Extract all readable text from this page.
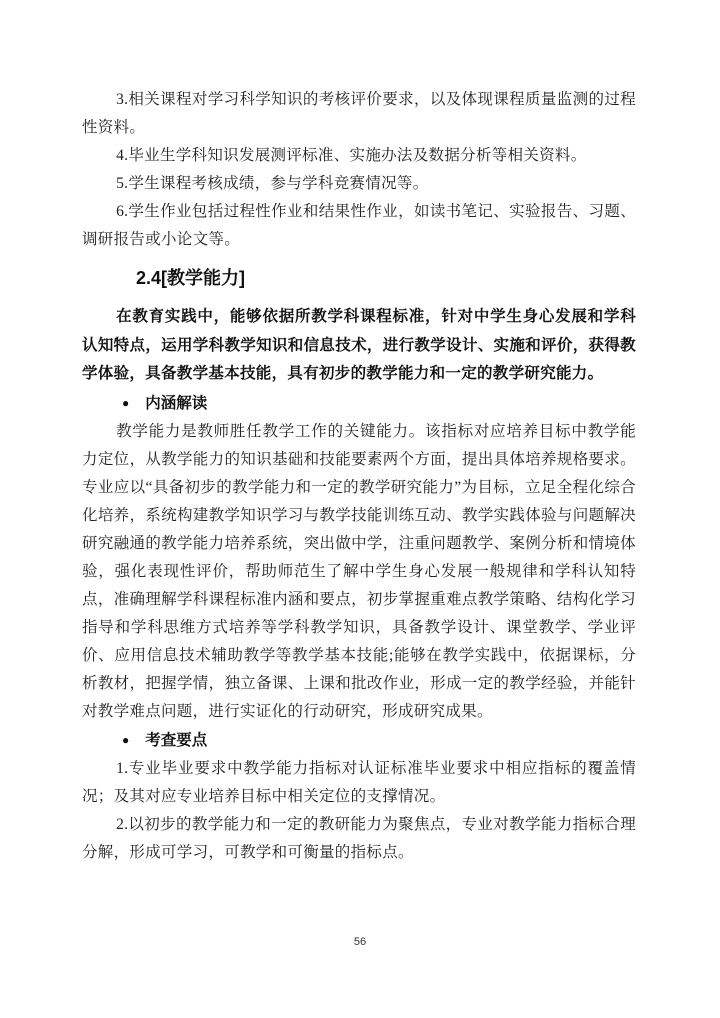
3.相关课程对学习科学知识的考核评价要求，以及体现课程质量监测的过程性资料。

4.毕业生学科知识发展测评标准、实施办法及数据分析等相关资料。

5.学生课程考核成绩，参与学科竞赛情况等。

6.学生作业包括过程性作业和结果性作业，如读书笔记、实验报告、习题、调研报告或小论文等。

2.4[教学能力]

在教育实践中，能够依据所教学科课程标准，针对中学生身心发展和学科认知特点，运用学科教学知识和信息技术，进行教学设计、实施和评价，获得教学体验，具备教学基本技能，具有初步的教学能力和一定的教学研究能力。

● 内涵解读

教学能力是教师胜任教学工作的关键能力。该指标对应培养目标中教学能力定位，从教学能力的知识基础和技能要素两个方面，提出具体培养规格要求。专业应以“具备初步的教学能力和一定的教学研究能力”为目标，立足全程化综合化培养，系统构建教学知识学习与教学技能训练互动、教学实践体验与问题解决研究融通的教学能力培养系统，突出做中学，注重问题教学、案例分析和情境体验，强化表现性评价，帮助师范生了解中学生身心发展一般规律和学科认知特点，准确理解学科课程标准内涵和要点，初步掌握重难点教学策略、结构化学习指导和学科思维方式培养等学科教学知识，具备教学设计、课堂教学、学业评价、应用信息技术辅助教学等教学基本技能;能够在教学实践中，依据课标，分析教材，把握学情，独立备课、上课和批改作业，形成一定的教学经验，并能针对教学难点问题，进行实证化的行动研究，形成研究成果。

● 考查要点

1.专业毕业要求中教学能力指标对认证标准毕业要求中相应指标的覆盖情况；及其对应专业培养目标中相关定位的支撑情况。

2.以初步的教学能力和一定的教研能力为聚焦点，专业对教学能力指标合理分解，形成可学习，可教学和可衡量的指标点。

56
